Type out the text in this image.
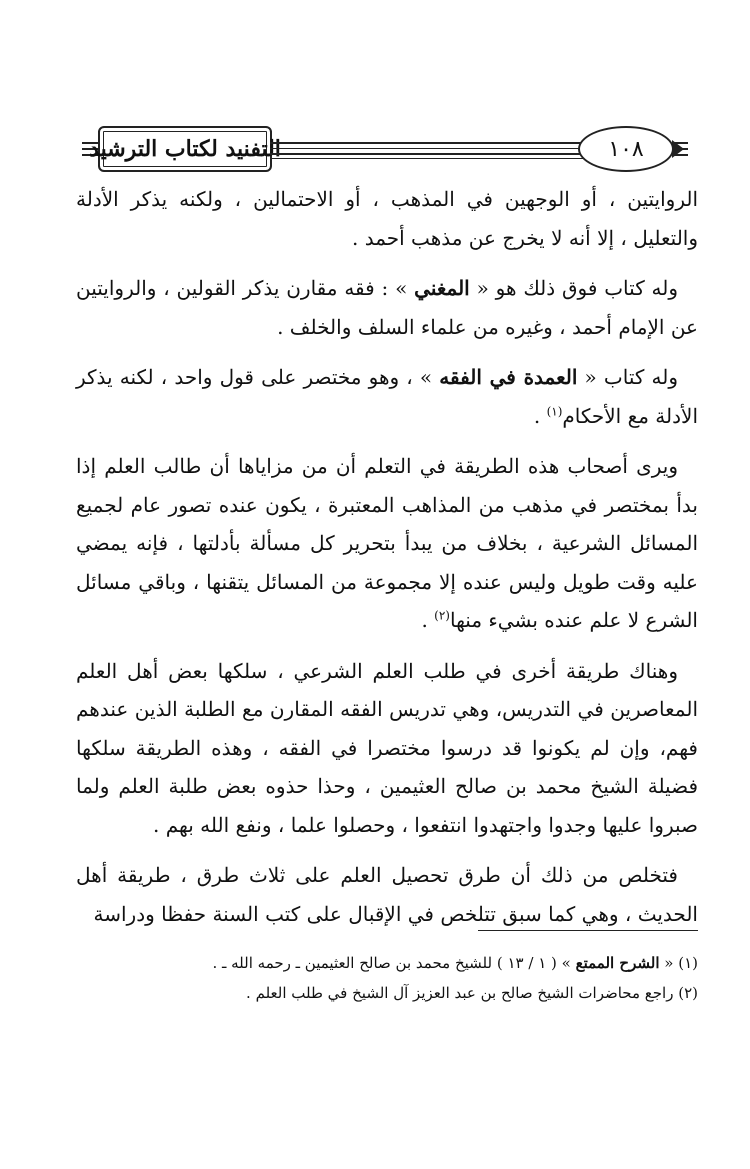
التفنيد لكتاب الترشيد	١٠٨

الروايتين ، أو الوجهين في المذهب ، أو الاحتمالين ، ولكنه يذكر الأدلة والتعليل ، إلا أنه لا يخرج عن مذهب أحمد .

وله كتاب فوق ذلك هو « المغني » : فقه مقارن يذكر القولين ، والروايتين عن الإمام أحمد ، وغيره من علماء السلف والخلف .

وله كتاب « العمدة في الفقه » ، وهو مختصر على قول واحد ، لكنه يذكر الأدلة مع الأحكام$^{(١)}$ .

ويرى أصحاب هذه الطريقة في التعلم أن من مزاياها أن طالب العلم إذا بدأ بمختصر في مذهب من المذاهب المعتبرة ، يكون عنده تصور عام لجميع المسائل الشرعية ، بخلاف من يبدأ بتحرير كل مسألة بأدلتها ، فإنه يمضي عليه وقت طويل وليس عنده إلا مجموعة من المسائل يتقنها ، وباقي مسائل الشرع لا علم عنده بشيء منها$^{(٢)}$ .

وهناك طريقة أخرى في طلب العلم الشرعي ، سلكها بعض أهل العلم المعاصرين في التدريس، وهي تدريس الفقه المقارن مع الطلبة الذين عندهم فهم، وإن لم يكونوا قد درسوا مختصرا في الفقه ، وهذه الطريقة سلكها فضيلة الشيخ محمد بن صالح العثيمين ، وحذا حذوه بعض طلبة العلم ولما صبروا عليها وجدوا واجتهدوا انتفعوا ، وحصلوا علما ، ونفع الله بهم .

فتخلص من ذلك أن طرق تحصيل العلم على ثلاث طرق ، طريقة أهل الحديث ، وهي كما سبق تتلخص في الإقبال على كتب السنة حفظا ودراسة

(١) « الشرح الممتع » ( ١ / ١٣ ) للشيخ محمد بن صالح العثيمين ـ رحمه الله ـ .

(٢) راجع محاضرات الشيخ صالح بن عبد العزيز آل الشيخ في طلب العلم .
